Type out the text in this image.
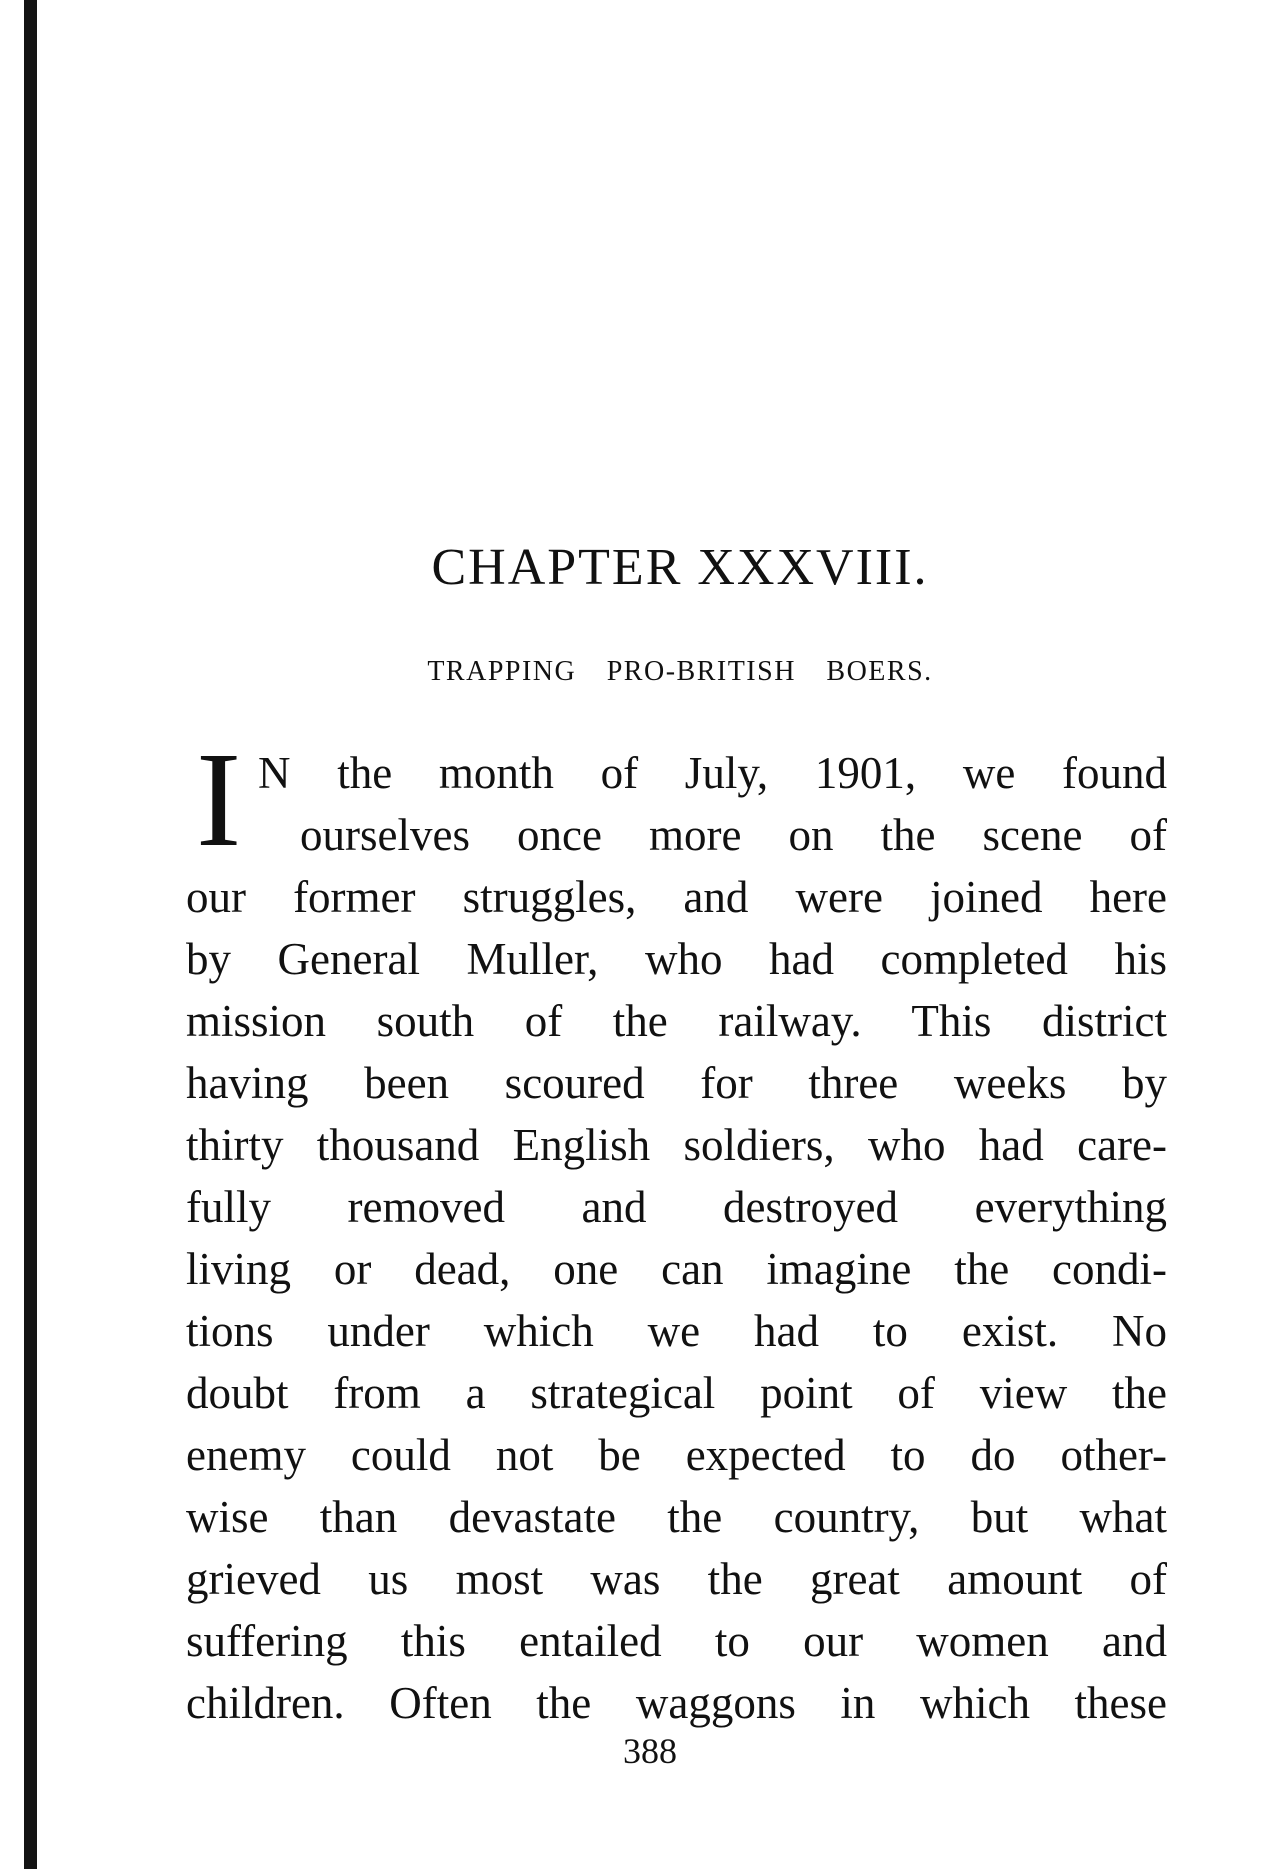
CHAPTER XXXVIII.
TRAPPING PRO-BRITISH BOERS.
I N the month of July, 1901, we found
ourselves once more on the scene of
our former struggles, and were joined here
by General Muller, who had completed his
mission south of the railway. This district
having been scoured for three weeks by
thirty thousand English soldiers, who had care-
fully removed and destroyed everything
living or dead, one can imagine the condi-
tions under which we had to exist. No
doubt from a strategical point of view the
enemy could not be expected to do other-
wise than devastate the country, but what
grieved us most was the great amount of
suffering this entailed to our women and
children. Often the waggons in which these
388
